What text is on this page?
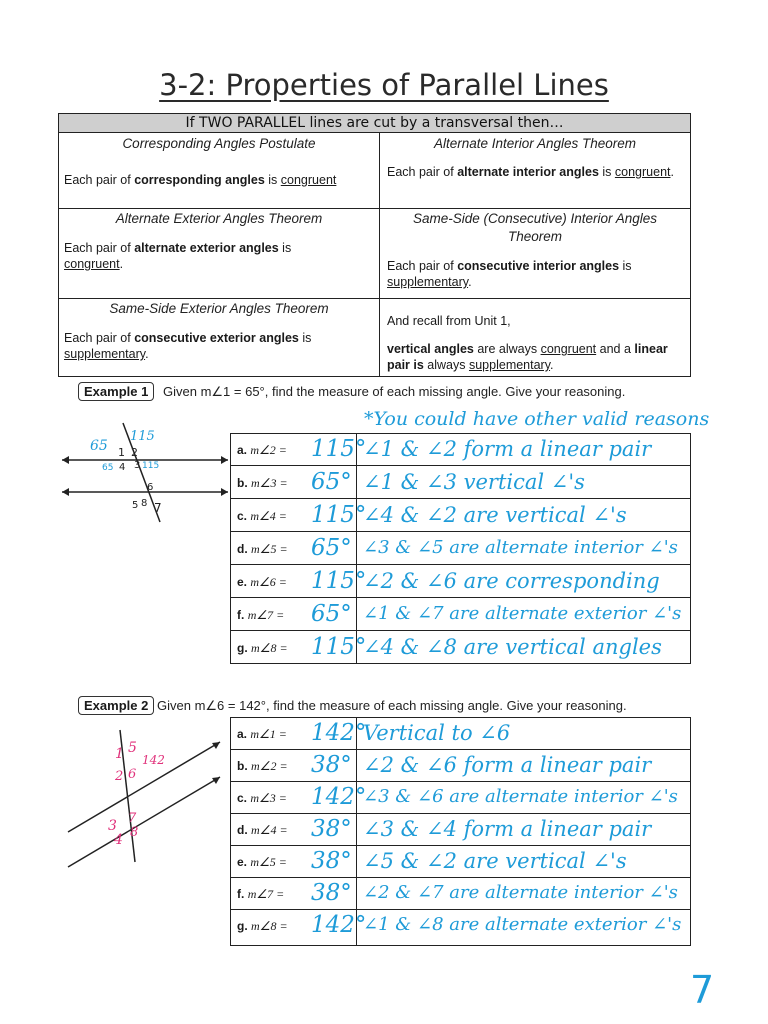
3-2: Properties of Parallel Lines
If TWO PARALLEL lines are cut by a transversal then…
Corresponding Angles Postulate
Each pair of corresponding angles is congruent
Alternate Interior Angles Theorem
Each pair of alternate interior angles is congruent.
Alternate Exterior Angles Theorem
Each pair of alternate exterior angles is congruent.
Same-Side (Consecutive) Interior Angles Theorem
Each pair of consecutive interior angles is supplementary.
Same-Side Exterior Angles Theorem
Each pair of consecutive exterior angles is supplementary.
And recall from Unit 1,
vertical angles are always congruent and a linear pair is always supplementary.
Example 1	Given m∠1 = 65°, find the measure of each missing angle. Give your reasoning.
*You could have other valid reasons
65
115
1 2
65 4 3 115
6
5 8 7
a. m∠2 = 115°
∠1 & ∠2 form a linear pair
b. m∠3 = 65° ∠1 & ∠3 vertical ∠'s
c. m∠4 = 115°
∠4 & ∠2 are vertical ∠'s
d. m∠5 = 65° ∠3 & ∠5 are alternate interior ∠'s
e. m∠6 = 115°
∠2 & ∠6 are corresponding
f. m∠7 = 65° ∠1 & ∠7 are alternate exterior ∠'s
g. m∠8 = 115°
∠4 & ∠8 are vertical angles
Example 2 Given m∠6 = 142°, find the measure of each missing angle. Give your reasoning.
1 5
142
2 6
3 7
4 8
a. m∠1 = 142°
Vertical to ∠6
b. m∠2 = 38° ∠2 & ∠6 form a linear pair
c. m∠3 = 142°
∠3 & ∠6 are alternate interior ∠'s
d. m∠4 = 38° ∠3 & ∠4 form a linear pair
e. m∠5 = 38° ∠5 & ∠2 are vertical ∠'s
f. m∠7 = 38° ∠2 & ∠7 are alternate interior ∠'s
g. m∠8 = 142°
∠1 & ∠8 are alternate exterior ∠'s
7
